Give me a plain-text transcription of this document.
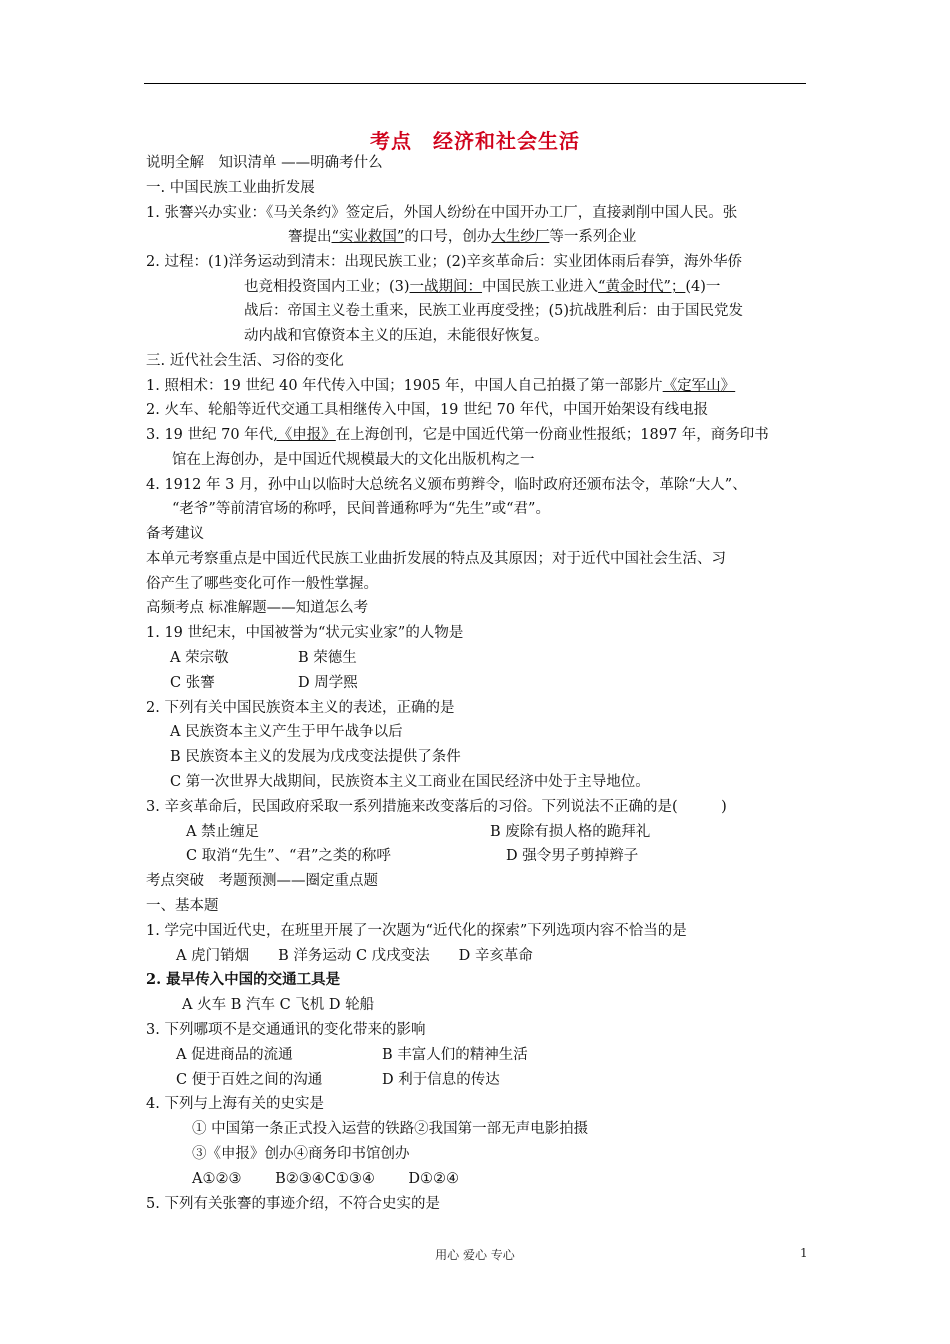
考点　经济和社会生活
说明全解　知识清单 ——明确考什么
一. 中国民族工业曲折发展
1. 张謇兴办实业：《马关条约》签定后，外国人纷纷在中国开办工厂，直接剥削中国人民。张
謇提出“实业救国”的口号，创办大生纱厂等一系列企业
2. 过程：(1)洋务运动到清末：出现民族工业；(2)辛亥革命后：实业团体雨后春笋，海外华侨
也竞相投资国内工业；(3)一战期间：中国民族工业进入“黄金时代”；(4)一
战后：帝国主义卷土重来，民族工业再度受挫；(5)抗战胜利后：由于国民党发
动内战和官僚资本主义的压迫，未能很好恢复。
三. 近代社会生活、习俗的变化
1. 照相术：19 世纪 40 年代传入中国；1905 年，中国人自己拍摄了第一部影片《定军山》
2. 火车、轮船等近代交通工具相继传入中国，19 世纪 70 年代，中国开始架设有线电报
3. 19 世纪 70 年代,《申报》在上海创刊，它是中国近代第一份商业性报纸；1897 年，商务印书
馆在上海创办，是中国近代规模最大的文化出版机构之一
4. 1912 年 3 月，孙中山以临时大总统名义颁布剪辫令，临时政府还颁布法令，革除“大人”、
“老爷”等前清官场的称呼，民间普通称呼为“先生”或“君”。
备考建议
本单元考察重点是中国近代民族工业曲折发展的特点及其原因；对于近代中国社会生活、习
俗产生了哪些变化可作一般性掌握。
高频考点 标准解题——知道怎么考
1. 19 世纪末，中国被誉为“状元实业家”的人物是
A 荣宗敬	B 荣德生
C 张謇	D 周学熙
2. 下列有关中国民族资本主义的表述，正确的是
A 民族资本主义产生于甲午战争以后
B 民族资本主义的发展为戊戌变法提供了条件
C 第一次世界大战期间，民族资本主义工商业在国民经济中处于主导地位。
3. 辛亥革命后，民国政府采取一系列措施来改变落后的习俗。下列说法不正确的是(　　　)
A 禁止缠足	B 废除有损人格的跪拜礼
C 取消“先生”、“君”之类的称呼	D 强令男子剪掉辫子
考点突破　考题预测——圈定重点题
一、基本题
1. 学完中国近代史，在班里开展了一次题为“近代化的探索”下列选项内容不恰当的是
A 虎门销烟　　B 洋务运动 C 戊戌变法　　D 辛亥革命
2. 最早传入中国的交通工具是
A 火车 B 汽车 C 飞机 D 轮船
3. 下列哪项不是交通通讯的变化带来的影响
A 促进商品的流通	B 丰富人们的精神生活
C 便于百姓之间的沟通	D 利于信息的传达
4. 下列与上海有关的史实是
① 中国第一条正式投入运营的铁路②我国第一部无声电影拍摄
③《申报》创办④商务印书馆创办
A①②③　　 B②③④C①③④　　 D①②④
5. 下列有关张謇的事迹介绍，不符合史实的是
用心 爱心 专心	1
